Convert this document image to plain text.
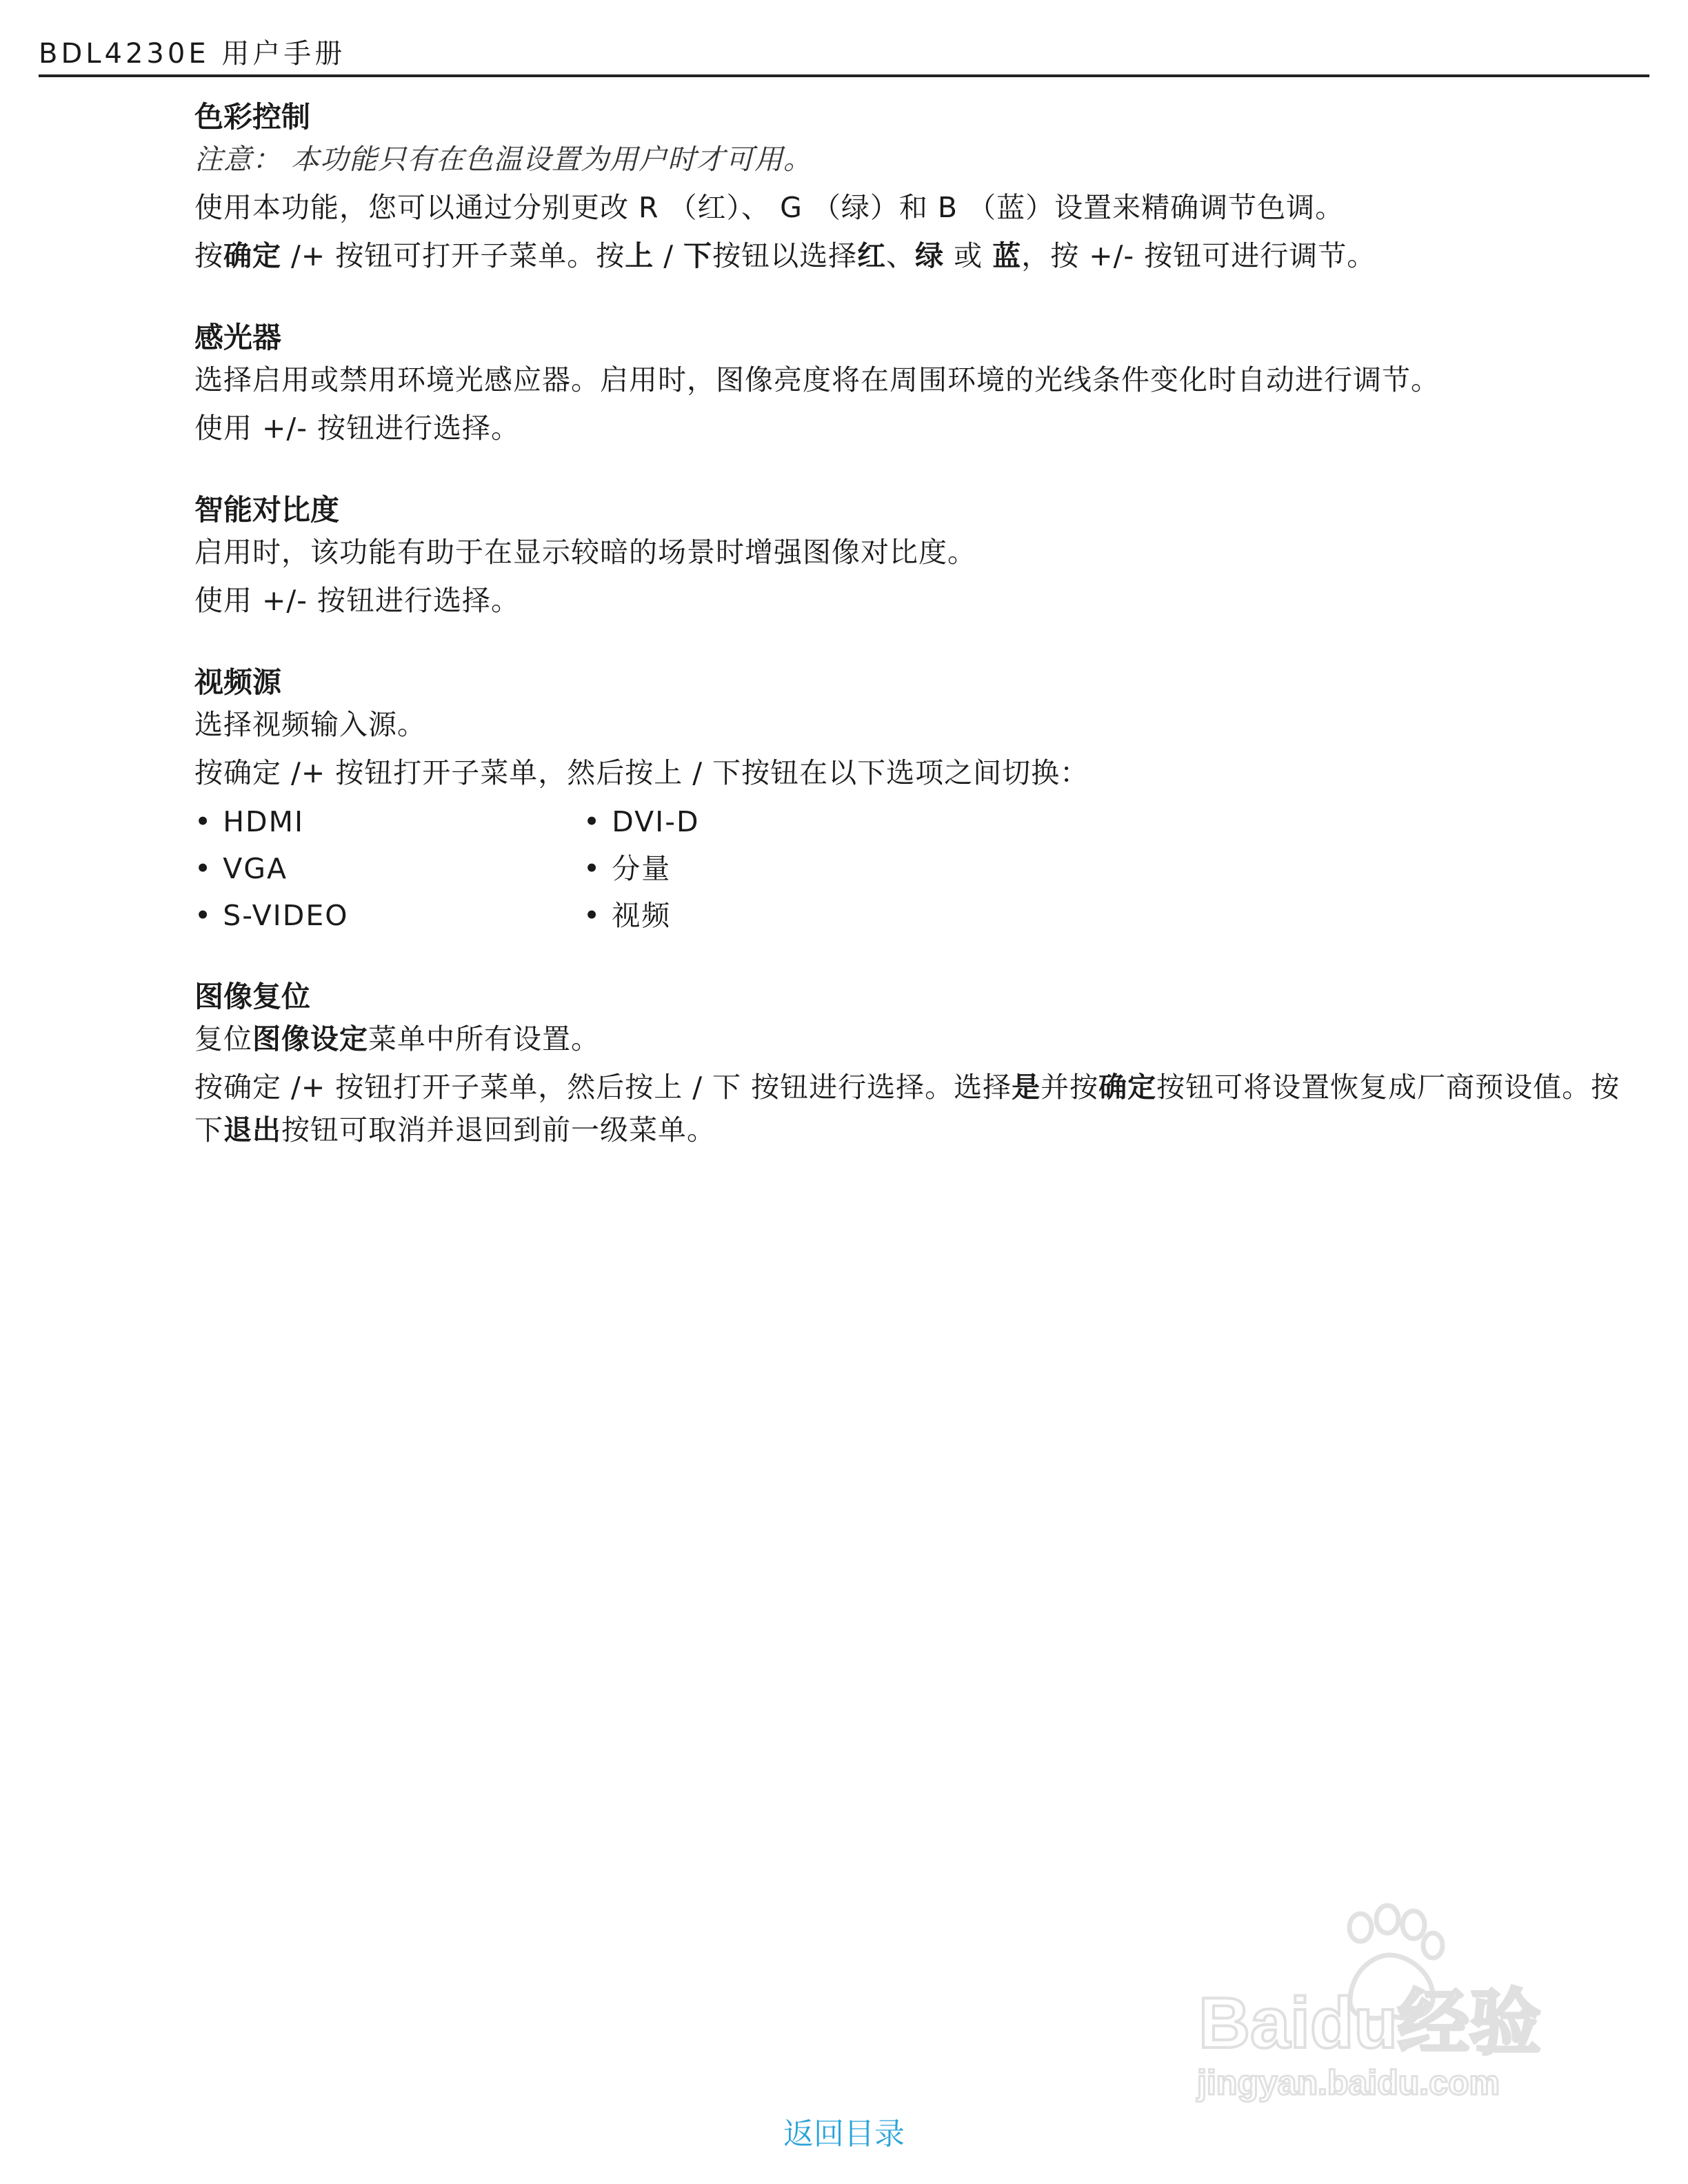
BDL4230E 用户手册
色彩控制

注意： 本功能只有在色温设置为用户时才可用。

使用本功能，您可以通过分别更改 R （红）、 G （绿）和 B （蓝）设置来精确调节色调。

按确定 /+ 按钮可打开子菜单。按上 / 下按钮以选择红、绿 或 蓝，按 +/- 按钮可进行调节。

感光器

选择启用或禁用环境光感应器。启用时，图像亮度将在周围环境的光线条件变化时自动进行调节。

使用 +/- 按钮进行选择。

智能对比度

启用时，该功能有助于在显示较暗的场景时增强图像对比度。

使用 +/- 按钮进行选择。

视频源

选择视频输入源。

按确定 /+ 按钮打开子菜单，然后按上 / 下按钮在以下选项之间切换：

• HDMI	• DVI-D
• VGA	• 分量
• S-VIDEO	• 视频
图像复位

复位图像设定菜单中所有设置。

按确定 /+ 按钮打开子菜单，然后按上 / 下 按钮进行选择。选择是并按确定按钮可将设置恢复成厂商预设值。按下退出按钮可取消并退回到前一级菜单。

Baidu经验
jingyan.baidu.com
返回目录
